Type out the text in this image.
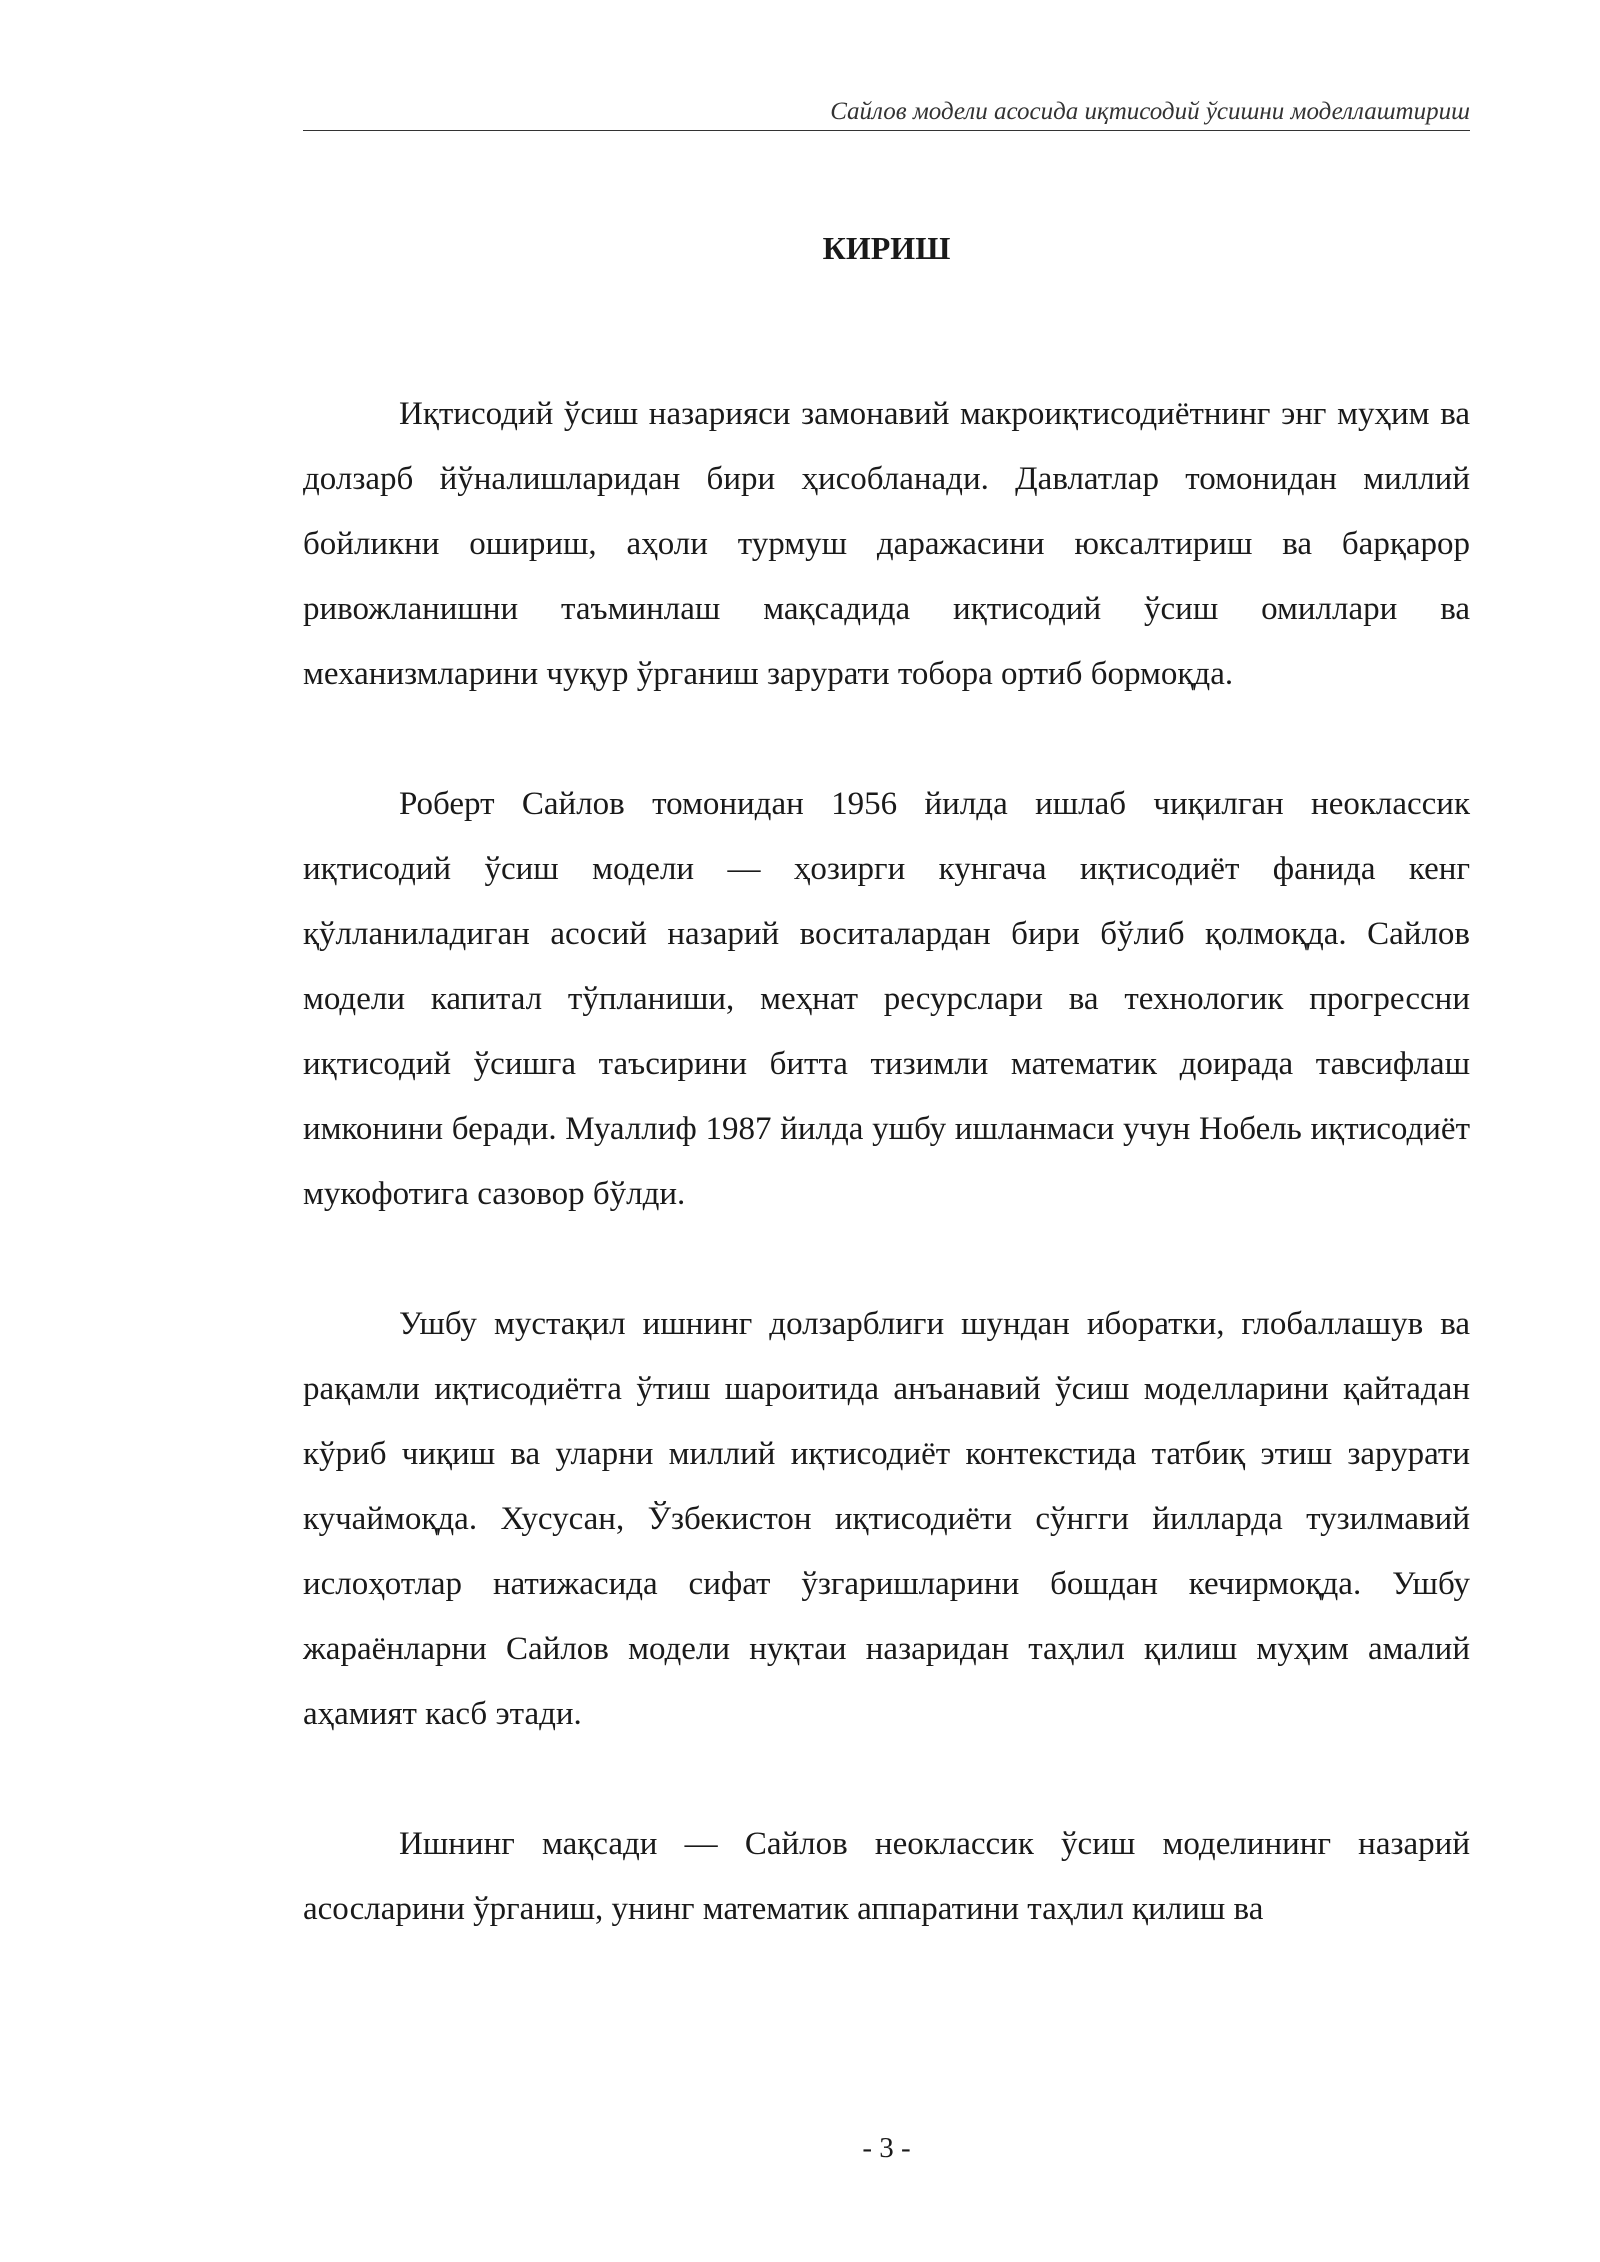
Сайлов модели асосида иқтисодий ўсишни моделлаштириш
КИРИШ

Иқтисодий ўсиш назарияси замонавий макроиқтисодиётнинг энг муҳим ва долзарб йўналишларидан бири ҳисобланади. Давлатлар томонидан миллий бойликни ошириш, аҳоли турмуш даражасини юксалтириш ва барқарор ривожланишни таъминлаш мақсадида иқтисодий ўсиш омиллари ва механизмларини чуқур ўрганиш зарурати тобора ортиб бормоқда.

Роберт Сайлов томонидан 1956 йилда ишлаб чиқилган неоклассик иқтисодий ўсиш модели — ҳозирги кунгача иқтисодиёт фанида кенг қўлланиладиган асосий назарий воситалардан бири бўлиб қолмоқда. Сайлов модели капитал тўпланиши, меҳнат ресурслари ва технологик прогрессни иқтисодий ўсишга таъсирини битта тизимли математик доирада тавсифлаш имконини беради. Муаллиф 1987 йилда ушбу ишланмаси учун Нобель иқтисодиёт мукофотига сазовор бўлди.

Ушбу мустақил ишнинг долзарблиги шундан иборатки, глобаллашув ва рақамли иқтисодиётга ўтиш шароитида анъанавий ўсиш моделларини қайтадан кўриб чиқиш ва уларни миллий иқтисодиёт контекстида татбиқ этиш зарурати кучаймоқда. Хусусан, Ўзбекистон иқтисодиёти сўнгги йилларда тузилмавий ислоҳотлар натижасида сифат ўзгаришларини бошдан кечирмоқда. Ушбу жараёнларни Сайлов модели нуқтаи назаридан таҳлил қилиш муҳим амалий аҳамият касб этади.

Ишнинг мақсади — Сайлов неоклассик ўсиш моделининг назарий асосларини ўрганиш, унинг математик аппаратини таҳлил қилиш ва

- 3 -
